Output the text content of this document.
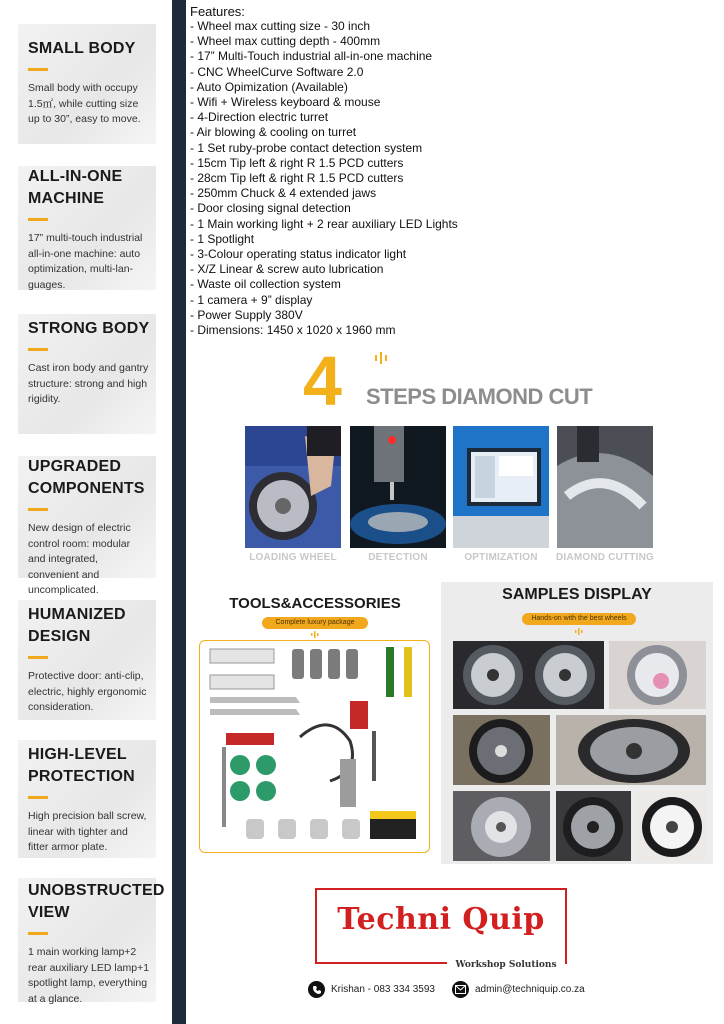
SMALL BODY

Small body with occupy 1.5㎡, while cutting size up to 30”, easy to move.

ALL-IN-ONE MACHINE

17” multi-touch industrial all-in-one machine: auto optimization, multi-lan-guages.

STRONG BODY

Cast iron body and gantry structure: strong and high rigidity.

UPGRADED COMPONENTS

New design of electric control room: modular and integrated, convenient and uncomplicated.

HUMANIZED DESIGN

Protective door: anti-clip, electric, highly ergonomic consideration.

HIGH-LEVEL PROTECTION

High precision ball screw, linear with tighter and fitter armor plate.

UNOBSTRUCTED VIEW

1 main working lamp+2 rear auxiliary LED lamp+1 spotlight lamp, everything at a glance.

Features:
- Wheel max cutting size - 30 inch
- Wheel max cutting depth - 400mm
- 17” Multi-Touch industrial all-in-one machine
- CNC WheelCurve Software 2.0
- Auto Opimization (Available)
- Wifi + Wireless keyboard & mouse
- 4-Direction electric turret
- Air blowing & cooling on turret
- 1 Set ruby-probe contact detection system
- 15cm Tip left & right R 1.5 PCD cutters
- 28cm Tip left & right R 1.5 PCD cutters
- 250mm Chuck & 4 extended jaws
- Door closing signal detection
- 1 Main working light + 2 rear auxiliary LED Lights
- 1 Spotlight
- 3-Colour operating status indicator light
- X/Z Linear & screw auto lubrication
- Waste oil collection system
- 1 camera + 9” display
- Power Supply 380V
- Dimensions: 1450 x 1020 x 1960 mm
4 STEPS DIAMOND CUT
LOADING WHEEL	DETECTION	OPTIMIZATION	DIAMOND CUTTING
TOOLS&ACCESSORIES
Complete luxury package
SAMPLES DISPLAY
Hands-on with the best wheels
Techni Quip
Workshop Solutions
Krishan - 083 334 3593	admin@techniquip.co.za
